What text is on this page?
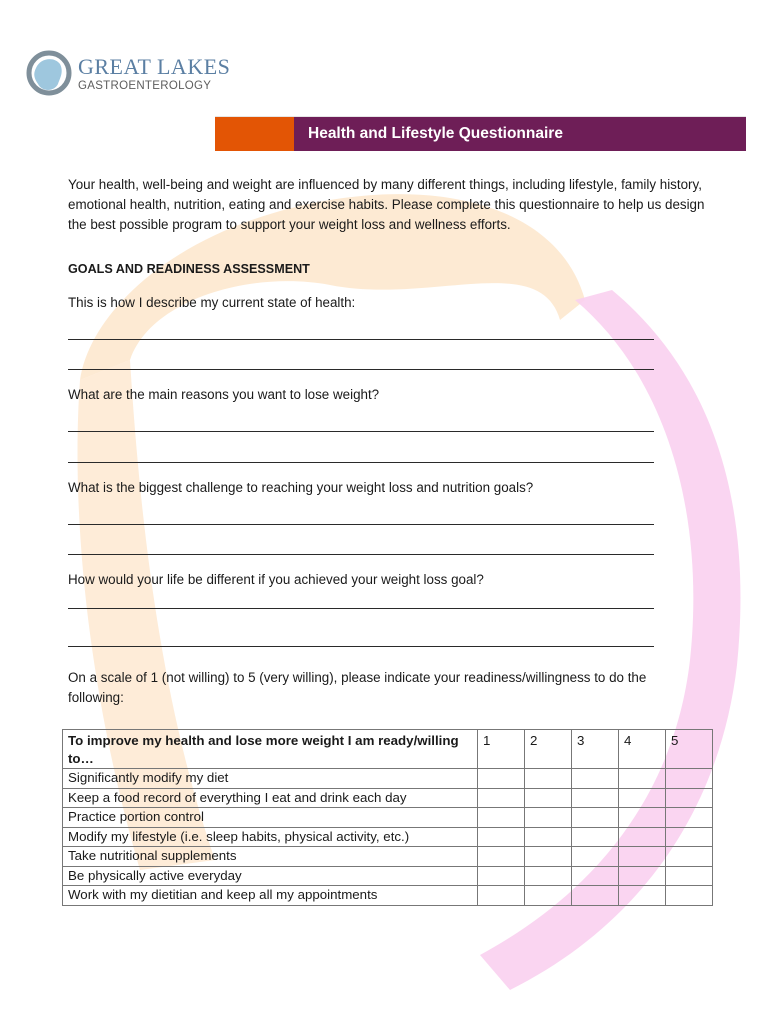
GREAT LAKES
GASTROENTEROLOGY
Health and Lifestyle Questionnaire

Your health, well-being and weight are influenced by many different things, including lifestyle, family history, emotional health, nutrition, eating and exercise habits. Please complete this questionnaire to help us design the best possible program to support your weight loss and wellness efforts.

GOALS AND READINESS ASSESSMENT

This is how I describe my current state of health:

What are the main reasons you want to lose weight?

What is the biggest challenge to reaching your weight loss and nutrition goals?

How would your life be different if you achieved your weight loss goal?

On a scale of 1 (not willing) to 5 (very willing), please indicate your readiness/willingness to do the following:

To improve my health and lose more weight I am ready/willing to…	1	2	3	4	5
Significantly modify my diet					
Keep a food record of everything I eat and drink each day					
Practice portion control					
Modify my lifestyle (i.e. sleep habits, physical activity, etc.)					
Take nutritional supplements					
Be physically active everyday					
Work with my dietitian and keep all my appointments					
